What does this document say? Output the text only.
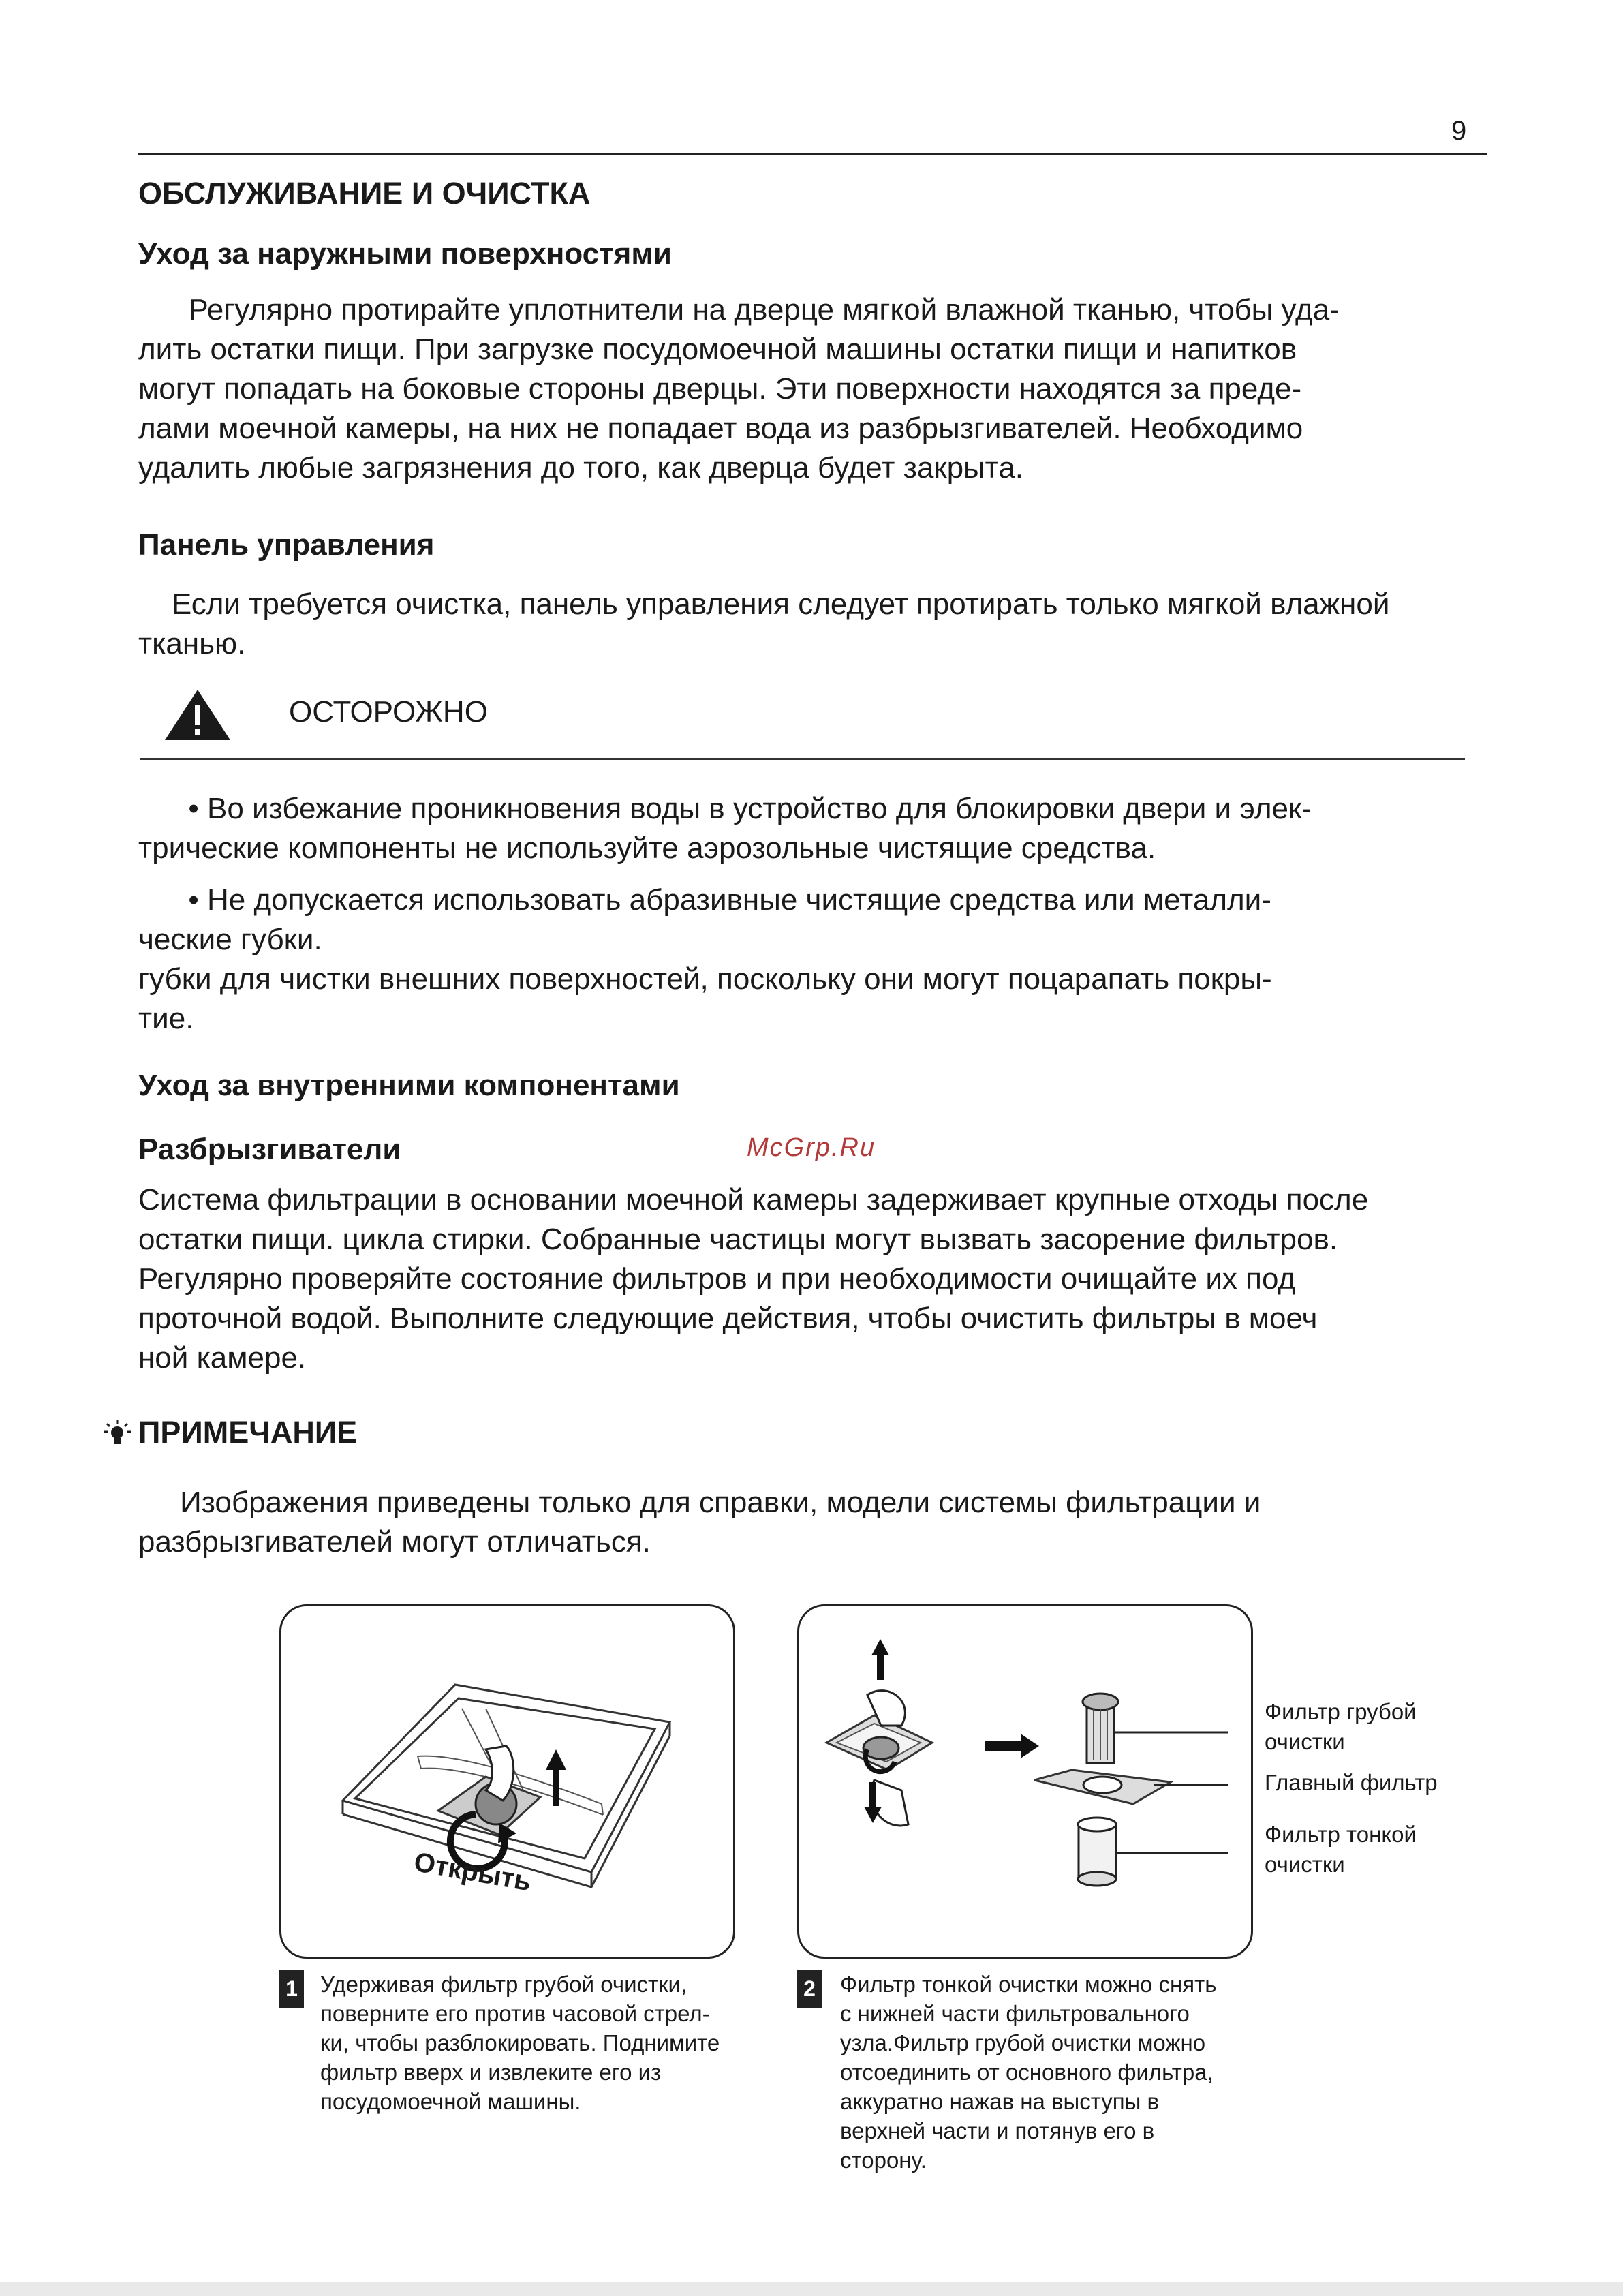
9
ОБСЛУЖИВАНИЕ И ОЧИСТКА
Уход за наружными поверхностями

Регулярно протирайте уплотнители на дверце мягкой влажной тканью, чтобы уда-

лить остатки пищи. При загрузке посудомоечной машины остатки пищи и напитков

могут попадать на боковые стороны дверцы. Эти поверхности находятся за преде-

лами моечной камеры, на них не попадает вода из разбрызгивателей. Необходимо

удалить любые загрязнения до того, как дверца будет закрыта.

Панель управления

Если требуется очистка, панель управления следует протирать только мягкой влажной

тканью.

ОСТОРОЖНО

• Во избежание проникновения воды в устройство для блокировки двери и элек-

трические компоненты не используйте аэрозольные чистящие средства.

• Не допускается использовать абразивные чистящие средства или металли-

ческие губки.

губки для чистки внешних поверхностей, поскольку они могут поцарапать покры-

тие.

Уход за внутренними компонентами
Разбрызгиватели	McGrp.Ru

Система фильтрации в основании моечной камеры задерживает крупные отходы после

остатки пищи. цикла стирки. Собранные частицы могут вызвать засорение фильтров.

Регулярно проверяйте состояние фильтров и при необходимости очищайте их под

проточной водой. Выполните следующие действия, чтобы очистить фильтры в моеч

ной камере.

ПРИМЕЧАНИЕ

Изображения приведены только для справки, модели системы фильтрации и

разбрызгивателей могут отличаться.

Открыть
1 Удерживая фильтр грубой очистки,

поверните его против часовой стрел-

ки, чтобы разблокировать. Поднимите

фильтр вверх и извлеките его из

посудомоечной машины.

Фильтр грубой

очистки

Главный фильтр

Фильтр тонкой

очистки

2 Фильтр тонкой очистки можно снять

с нижней части фильтровального

узла.Фильтр грубой очистки можно

отсоединить от основного фильтра,

аккуратно нажав на выступы в

верхней части и потянув его в

сторону.
